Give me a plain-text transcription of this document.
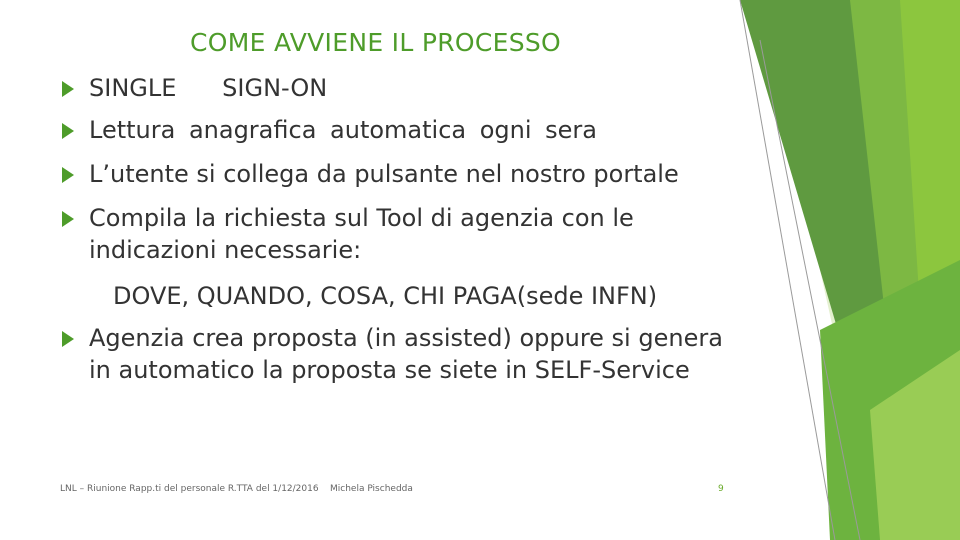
COME AVVIENE IL PROCESSO
SINGLE      SIGN-ON
Lettura anagrafica automatica ogni sera
L’utente si collega da pulsante nel nostro portale
Compila la richiesta sul Tool di agenzia con le indicazioni necessarie:
Agenzia crea proposta (in assisted) oppure si genera in automatico la proposta se siete in SELF-Service
DOVE, QUANDO, COSA, CHI PAGA(sede INFN)
LNL – Riunione Rapp.ti del personale R.TTA del 1/12/2016 Michela Pischedda	9
